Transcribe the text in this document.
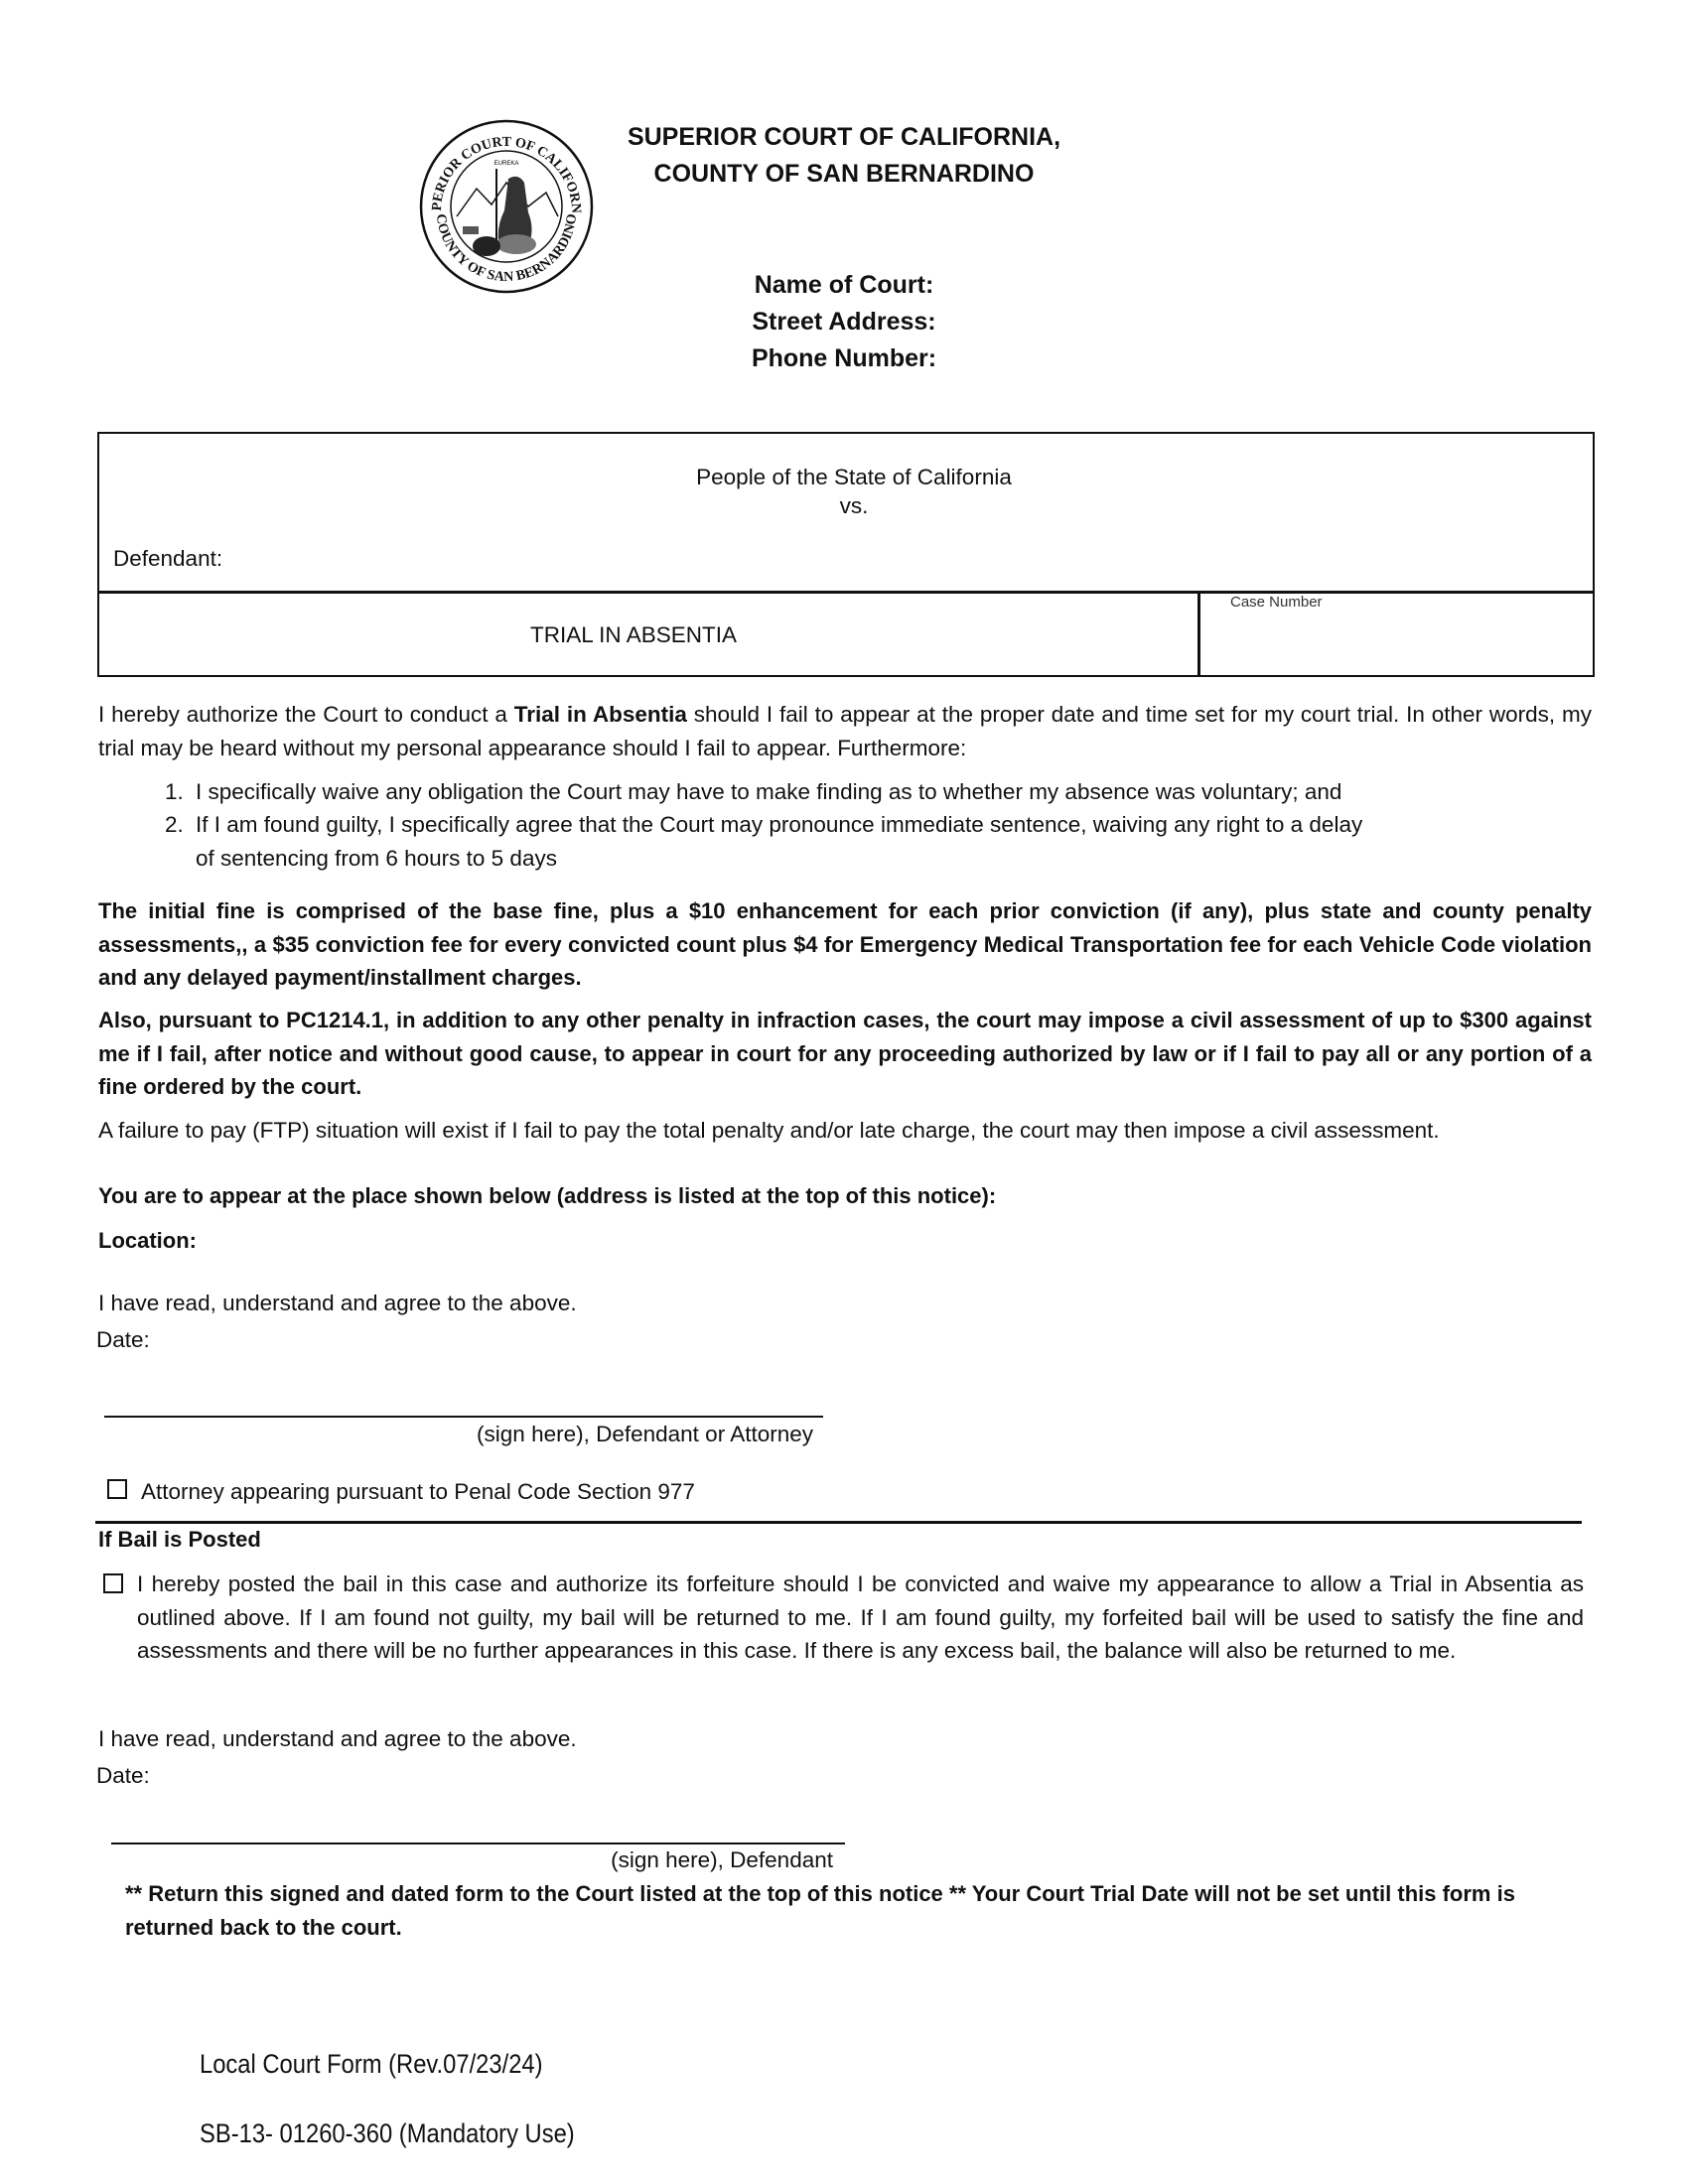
PERIOR COURT OF CALIFORN
COUNTY OF SAN BERNARDINO
EUREKA
SUPERIOR COURT OF CALIFORNIA,
COUNTY OF SAN BERNARDINO
Name of Court:
Street Address:
Phone Number:
People of the State of California
vs.
Defendant:
TRIAL IN ABSENTIA
Case Number
I hereby authorize the Court to conduct a Trial in Absentia should I fail to appear at the proper date and time set for my court trial. In other words, my trial may be heard without my personal appearance should I fail to appear. Furthermore:
1. I specifically waive any obligation the Court may have to make finding as to whether my absence was voluntary; and
2. If I am found guilty, I specifically agree that the Court may pronounce immediate sentence, waiving any right to a delay of sentencing from 6 hours to 5 days
The initial fine is comprised of the base fine, plus a $10 enhancement for each prior conviction (if any), plus state and county penalty assessments,, a $35 conviction fee for every convicted count plus $4 for Emergency Medical Transportation fee for each Vehicle Code violation and any delayed payment/installment charges.
Also, pursuant to PC1214.1, in addition to any other penalty in infraction cases, the court may impose a civil assessment of up to $300 against me if I fail, after notice and without good cause, to appear in court for any proceeding authorized by law or if I fail to pay all or any portion of a fine ordered by the court.
A failure to pay (FTP) situation will exist if I fail to pay the total penalty and/or late charge, the court may then impose a civil assessment.
You are to appear at the place shown below (address is listed at the top of this notice):
Location:
I have read, understand and agree to the above.
Date:
(sign here), Defendant or Attorney
Attorney appearing pursuant to Penal Code Section 977
If Bail is Posted
I hereby posted the bail in this case and authorize its forfeiture should I be convicted and waive my appearance to allow a Trial in Absentia as outlined above. If I am found not guilty, my bail will be returned to me. If I am found guilty, my forfeited bail will be used to satisfy the fine and assessments and there will be no further appearances in this case. If there is any excess bail, the balance will also be returned to me.
I have read, understand and agree to the above.
Date:
(sign here), Defendant
** Return this signed and dated form to the Court listed at the top of this notice ** Your Court Trial Date will not be set until this form is returned back to the court.
Local Court Form (Rev.07/23/24)
SB-13- 01260-360 (Mandatory Use)
